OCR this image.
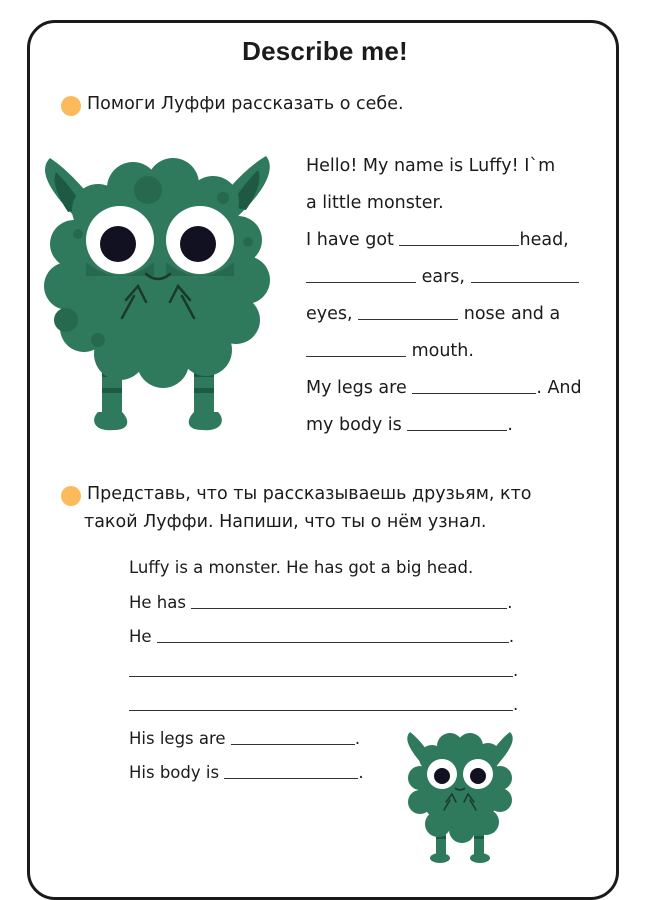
Describe me!
Помоги Луффи рассказать о себе.
Hello! My name is Luffy! I`m
a little monster.
I have got	head,
ears,
eyes,	nose and a
mouth.
My legs are	. And
my body is	.
Представь, что ты рассказываешь друзьям, кто
такой Луффи. Напиши, что ты о нём узнал.
Luffy is a monster. He has got a big head.
He has	.
He	.
.
.
His legs are	.
His body is	.
